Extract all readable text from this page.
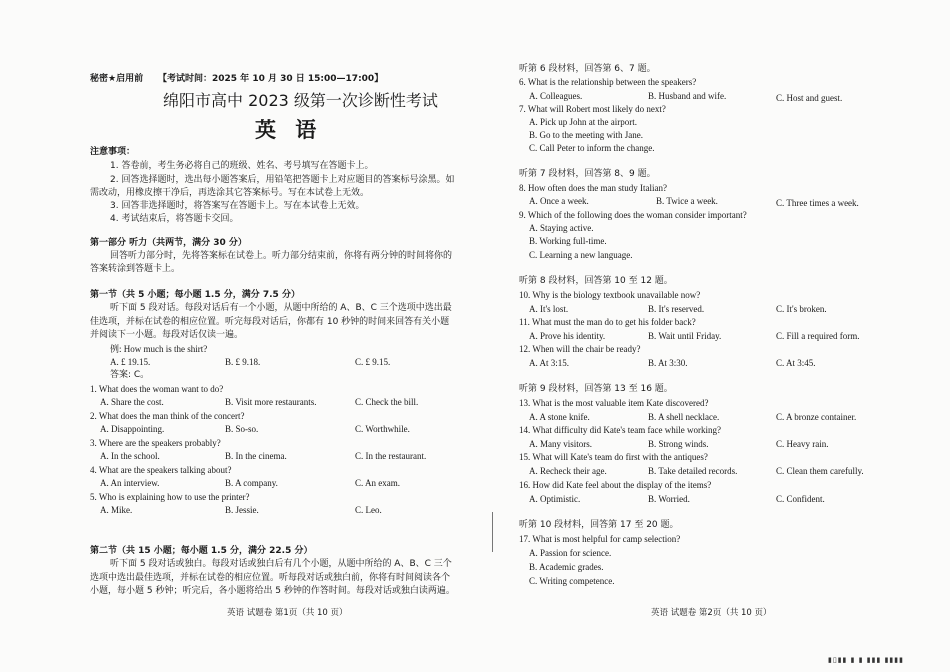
秘密★启用前 【考试时间：2025 年 10 月 30 日 15:00—17:00】
绵阳市高中 2023 级第一次诊断性考试
英 语
注意事项：
1. 答卷前，考生务必将自己的班级、姓名、考号填写在答题卡上。
2. 回答选择题时，选出每小题答案后，用铅笔把答题卡上对应题目的答案标号涂黑。如
需改动，用橡皮擦干净后，再选涂其它答案标号。写在本试卷上无效。
3. 回答非选择题时，将答案写在答题卡上。写在本试卷上无效。
4. 考试结束后，将答题卡交回。
第一部分 听力（共两节，满分 30 分）
回答听力部分时，先将答案标在试卷上。听力部分结束前，你将有两分钟的时间将你的
答案转涂到答题卡上。
第一节（共 5 小题；每小题 1.5 分，满分 7.5 分）
听下面 5 段对话。每段对话后有一个小题，从题中所给的 A、B、C 三个选项中选出最
佳选项，并标在试卷的相应位置。听完每段对话后，你都有 10 秒钟的时间来回答有关小题
并阅读下一小题。每段对话仅读一遍。
例: How much is the shirt?
A. £ 19.15.	B. £ 9.18.	C. £ 9.15.
答案: C。
1. What does the woman want to do?
A. Share the cost.	B. Visit more restaurants.	C. Check the bill.
2. What does the man think of the concert?
A. Disappointing.	B. So-so.	C. Worthwhile.
3. Where are the speakers probably?
A. In the school.	B. In the cinema.	C. In the restaurant.
4. What are the speakers talking about?
A. An interview.	B. A company.	C. An exam.
5. Who is explaining how to use the printer?
A. Mike.	B. Jessie.	C. Leo.
第二节（共 15 小题；每小题 1.5 分，满分 22.5 分）
听下面 5 段对话或独白。每段对话或独白后有几个小题，从题中所给的 A、B、C 三个
选项中选出最佳选项，并标在试卷的相应位置。听每段对话或独白前，你将有时间阅读各个
小题，每小题 5 秒钟；听完后，各小题将给出 5 秒钟的作答时间。每段对话或独白读两遍。
英语 试题卷 第1页（共 10 页）
听第 6 段材料，回答第 6、7 题。
6. What is the relationship between the speakers?
A. Colleagues.	B. Husband and wife.	C. Host and guest.
7. What will Robert most likely do next?
A. Pick up John at the airport.
B. Go to the meeting with Jane.
C. Call Peter to inform the change.
听第 7 段材料，回答第 8、9 题。
8. How often does the man study Italian?
A. Once a week.	B. Twice a week.	C. Three times a week.
9. Which of the following does the woman consider important?
A. Staying active.
B. Working full-time.
C. Learning a new language.
听第 8 段材料，回答第 10 至 12 题。
10. Why is the biology textbook unavailable now?
A. It's lost.	B. It's reserved.	C. It's broken.
11. What must the man do to get his folder back?
A. Prove his identity.	B. Wait until Friday.	C. Fill a required form.
12. When will the chair be ready?
A. At 3:15.	B. At 3:30.	C. At 3:45.
听第 9 段材料，回答第 13 至 16 题。
13. What is the most valuable item Kate discovered?
A. A stone knife.	B. A shell necklace.	C. A bronze container.
14. What difficulty did Kate's team face while working?
A. Many visitors.	B. Strong winds.	C. Heavy rain.
15. What will Kate's team do first with the antiques?
A. Recheck their age.	B. Take detailed records.	C. Clean them carefully.
16. How did Kate feel about the display of the items?
A. Optimistic.	B. Worried.	C. Confident.
听第 10 段材料，回答第 17 至 20 题。
17. What is most helpful for camp selection?
A. Passion for science.
B. Academic grades.
C. Writing competence.
英语 试题卷 第2页（共 10 页）
▮▯▮▮ ▮ ▮ ▮▮▮ ▮▮▮▮
